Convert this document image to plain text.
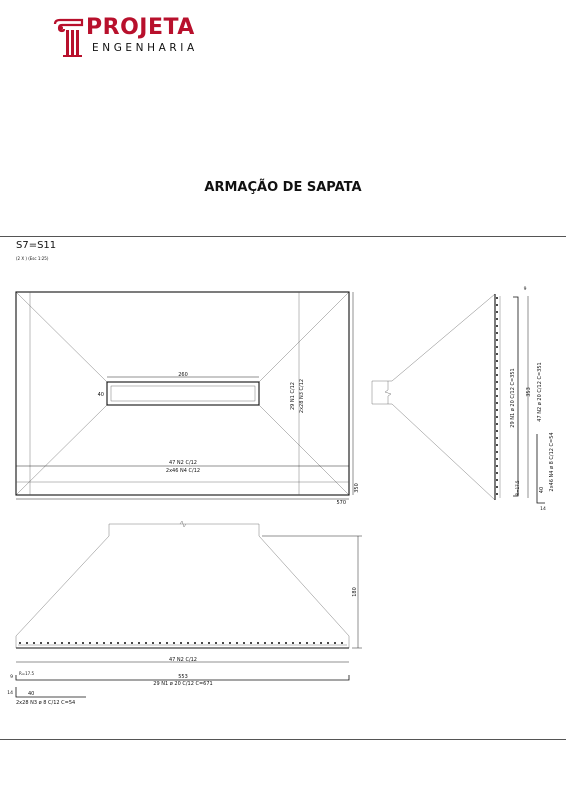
PROJETA
ENGENHARIA
ARMAÇÃO DE SAPATA
S7=S11
(2 X ) (Esc 1:25)
260
40
47 N2 C/12
2x46 N4 C/12
29 N1 C/12 2x28 N3 C/12
570
350
29 N1 ø 20 C/12 C=351
9
353 47 N2 ø 20 C/12 C=351
R=17.5	40
14
2x46 N4 ø 8 C/12 C=54
180
47 N2 C/12
R=17.5
9	553
29 N1 ø 20 C/12 C=671
14	40
2x28 N3 ø 8 C/12 C=54
